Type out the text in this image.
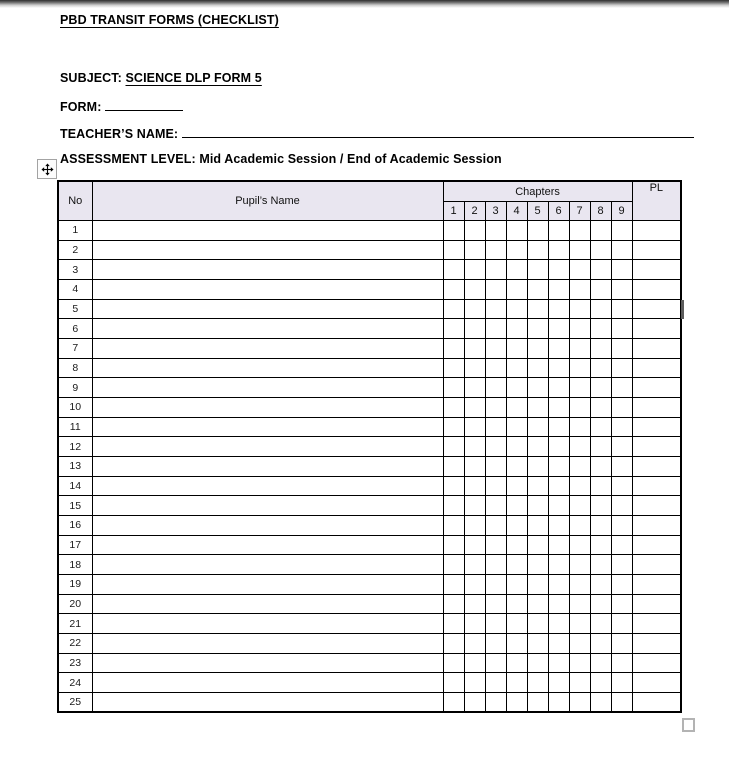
PBD TRANSIT FORMS (CHECKLIST)
SUBJECT: SCIENCE DLP FORM 5
FORM:
TEACHER’S NAME:
ASSESSMENT LEVEL: Mid Academic Session / End of Academic Session
No	Pupil’s Name	Chapters									PL
		1	2	3	4	5	6	7	8	9	
1											
2											
3											
4											
5											
6											
7											
8											
9											
10											
11											
12											
13											
14											
15											
16											
17											
18											
19											
20											
21											
22											
23											
24											
25											
